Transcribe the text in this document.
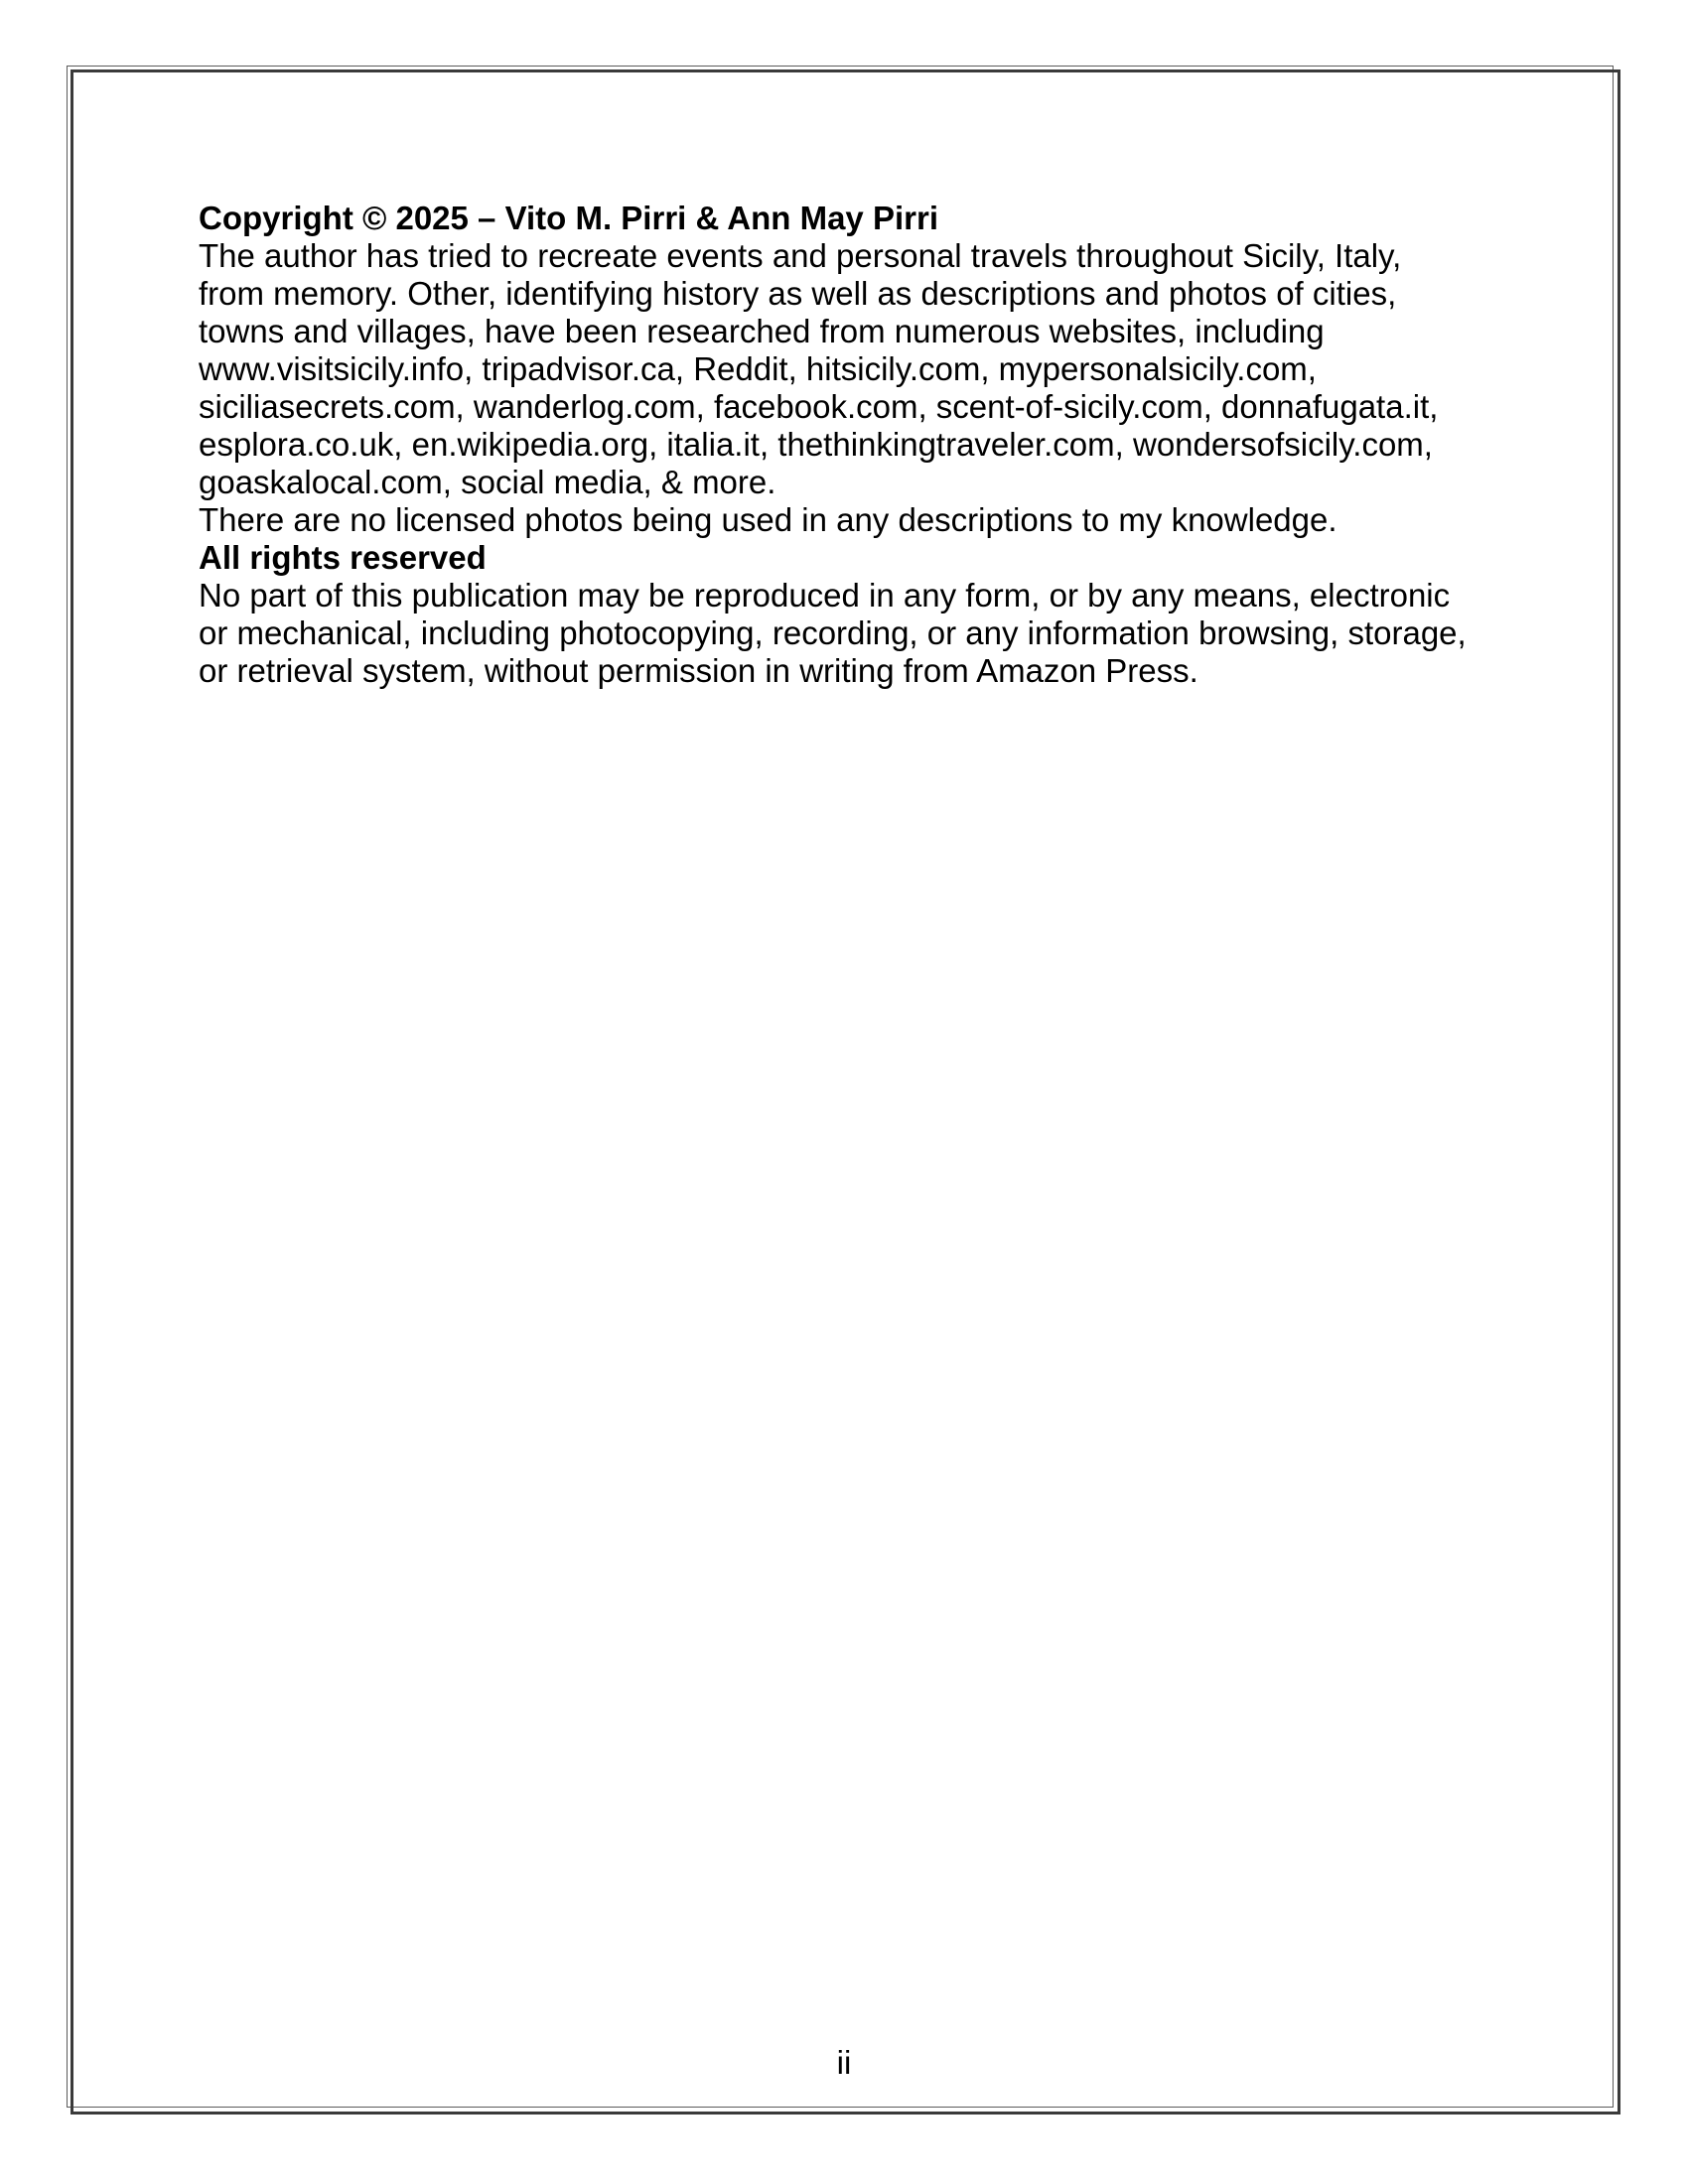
Copyright © 2025 – Vito M. Pirri & Ann May Pirri
The author has tried to recreate events and personal travels throughout Sicily, Italy,
from memory. Other, identifying history as well as descriptions and photos of cities,
towns and villages, have been researched from numerous websites, including
www.visitsicily.info, tripadvisor.ca, Reddit, hitsicily.com, mypersonalsicily.com,
siciliasecrets.com, wanderlog.com, facebook.com, scent-of-sicily.com, donnafugata.it,
esplora.co.uk, en.wikipedia.org, italia.it, thethinkingtraveler.com, wondersofsicily.com,
goaskalocal.com, social media, & more.
There are no licensed photos being used in any descriptions to my knowledge.
All rights reserved
No part of this publication may be reproduced in any form, or by any means, electronic
or mechanical, including photocopying, recording, or any information browsing, storage,
or retrieval system, without permission in writing from Amazon Press.
ii
